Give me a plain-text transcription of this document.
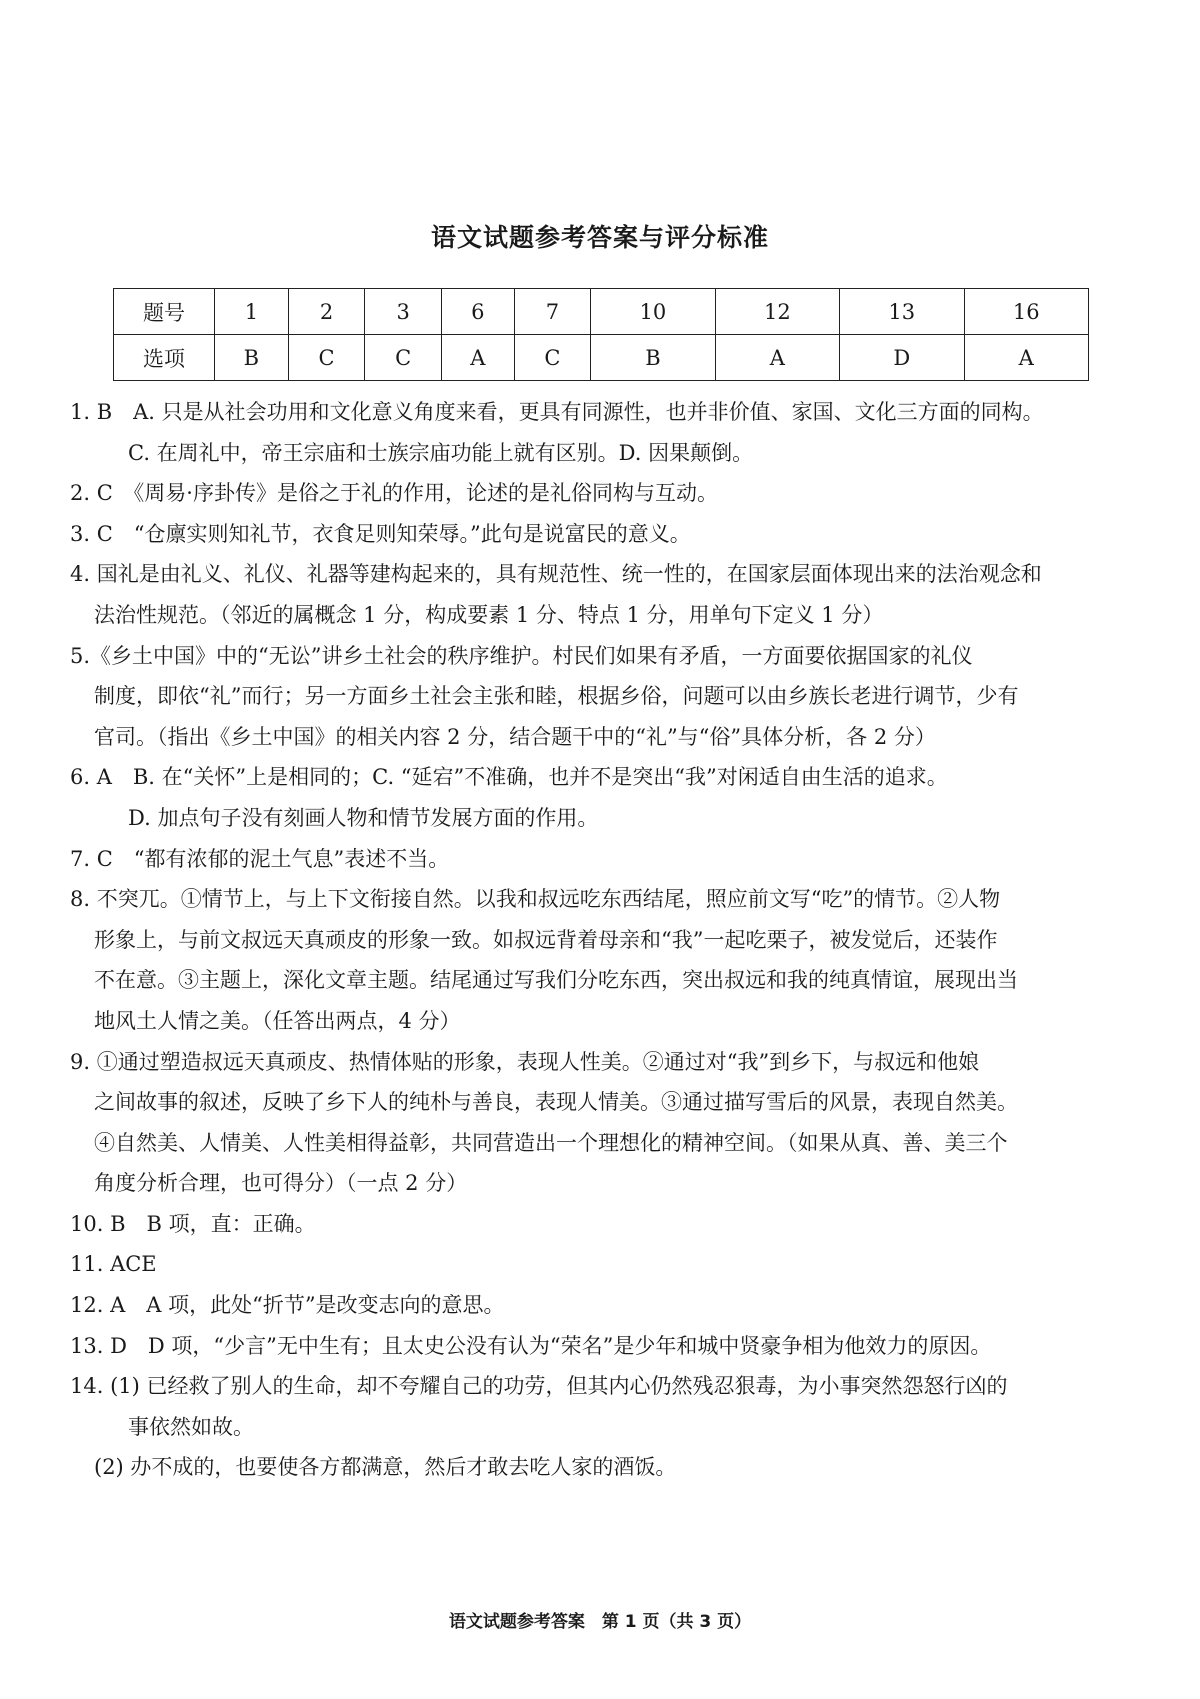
语文试题参考答案与评分标准
题号	1	2	3	6	7	10	12	13	16
选项	B	C	C	A	C	B	A	D	A
1. B　A. 只是从社会功用和文化意义角度来看，更具有同源性，也并非价值、家国、文化三方面的同构。
C. 在周礼中，帝王宗庙和士族宗庙功能上就有区别。D. 因果颠倒。
2. C　《周易·序卦传》是俗之于礼的作用，论述的是礼俗同构与互动。
3. C　“仓廪实则知礼节，衣食足则知荣辱。”此句是说富民的意义。
4. 国礼是由礼义、礼仪、礼器等建构起来的，具有规范性、统一性的，在国家层面体现出来的法治观念和
法治性规范。（邻近的属概念 1 分，构成要素 1 分、特点 1 分，用单句下定义 1 分）
5.《乡土中国》中的“无讼”讲乡土社会的秩序维护。村民们如果有矛盾，一方面要依据国家的礼仪
制度，即依“礼”而行；另一方面乡土社会主张和睦，根据乡俗，问题可以由乡族长老进行调节，少有
官司。（指出《乡土中国》的相关内容 2 分，结合题干中的“礼”与“俗”具体分析，各 2 分）
6. A　B. 在“关怀”上是相同的；C. “延宕”不准确，也并不是突出“我”对闲适自由生活的追求。
D. 加点句子没有刻画人物和情节发展方面的作用。
7. C　“都有浓郁的泥土气息”表述不当。
8. 不突兀。①情节上，与上下文衔接自然。以我和叔远吃东西结尾，照应前文写“吃”的情节。②人物
形象上，与前文叔远天真顽皮的形象一致。如叔远背着母亲和“我”一起吃栗子，被发觉后，还装作
不在意。③主题上，深化文章主题。结尾通过写我们分吃东西，突出叔远和我的纯真情谊，展现出当
地风土人情之美。（任答出两点，4 分）
9. ①通过塑造叔远天真顽皮、热情体贴的形象，表现人性美。②通过对“我”到乡下，与叔远和他娘
之间故事的叙述，反映了乡下人的纯朴与善良，表现人情美。③通过描写雪后的风景，表现自然美。
④自然美、人情美、人性美相得益彰，共同营造出一个理想化的精神空间。（如果从真、善、美三个
角度分析合理，也可得分）（一点 2 分）
10. B　B 项，直：正确。
11. ACE
12. A　A 项，此处“折节”是改变志向的意思。
13. D　D 项，“少言”无中生有；且太史公没有认为“荣名”是少年和城中贤豪争相为他效力的原因。
14. (1) 已经救了别人的生命，却不夸耀自己的功劳，但其内心仍然残忍狠毒，为小事突然怨怒行凶的
事依然如故。
(2) 办不成的，也要使各方都满意，然后才敢去吃人家的酒饭。
语文试题参考答案　第 1 页（共 3 页）
